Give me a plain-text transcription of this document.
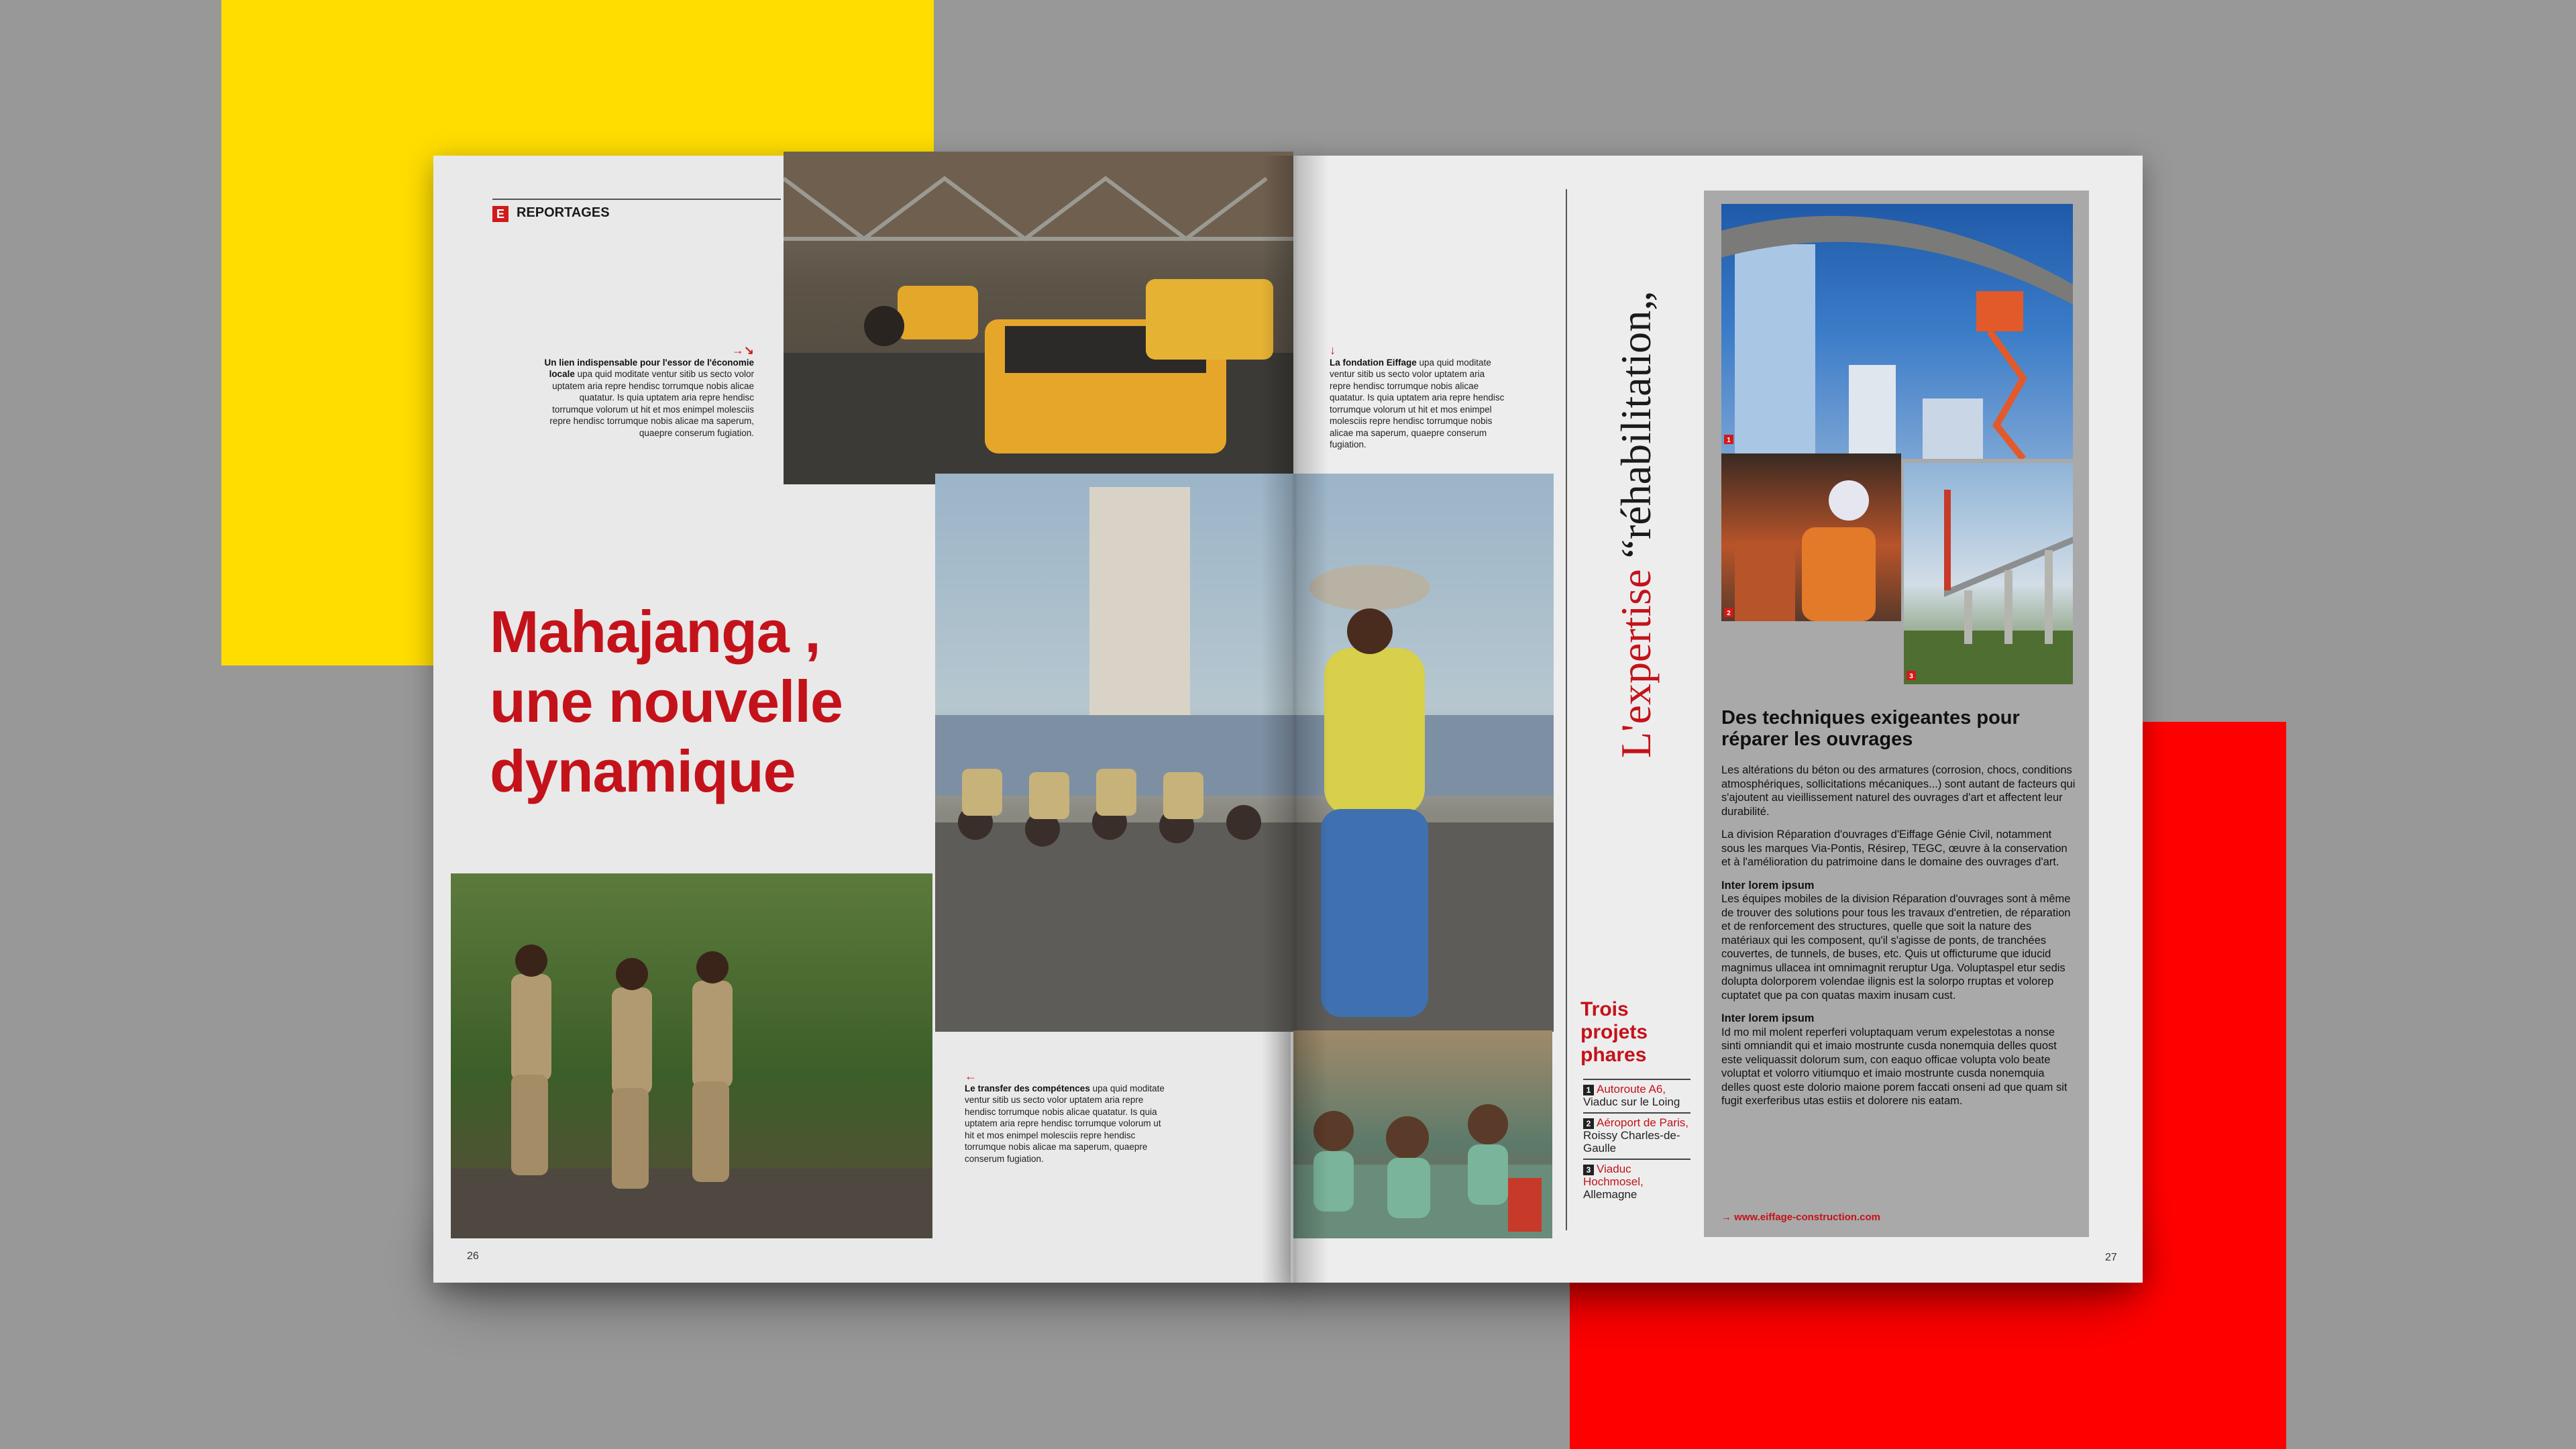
E REPORTAGES
→↘
Un lien indispensable pour l'essor de l'économie locale upa quid moditate ventur sitib us secto volor uptatem aria repre hendisc torrumque nobis alicae quatatur. Is quia uptatem aria repre hendisc torrumque volorum ut hit et mos enimpel molesciis repre hendisc torrumque nobis alicae ma saperum, quaepre conserum fugiation.
↓
La fondation Eiffage upa quid moditate ventur sitib us secto volor uptatem aria repre hendisc torrumque nobis alicae quatatur. Is quia uptatem aria repre hendisc torrumque volorum ut hit et mos enimpel molesciis repre hendisc torrumque nobis alicae ma saperum, quaepre conserum fugiation.
Mahajanga ,
une nouvelle
dynamique
←
Le transfer des compétences upa quid moditate ventur sitib us secto volor uptatem aria repre hendisc torrumque nobis alicae quatatur. Is quia uptatem aria repre hendisc torrumque volorum ut hit et mos enimpel molesciis repre hendisc torrumque nobis alicae ma saperum, quaepre conserum fugiation.
26
L'expertise “réhabilitation„
Trois projets phares
1 Autoroute A6, Viaduc sur le Loing
2 Aéroport de Paris, Roissy Charles-de-Gaulle
3 Viaduc Hochmosel, Allemagne
1
2
3
Des techniques exigeantes pour réparer les ouvrages

Les altérations du béton ou des armatures (corrosion, chocs, conditions atmosphériques, sollicitations mécaniques...) sont autant de facteurs qui s'ajoutent au vieillissement naturel des ouvrages d'art et affectent leur durabilité.

La division Réparation d'ouvrages d'Eiffage Génie Civil, notamment sous les marques Via-Pontis, Résirep, TEGC, œuvre à la conservation et à l'amélioration du patrimoine dans le domaine des ouvrages d'art.

Inter lorem ipsum

Les équipes mobiles de la division Réparation d'ouvrages sont à même de trouver des solutions pour tous les travaux d'entretien, de réparation et de renforcement des structures, quelle que soit la nature des matériaux qui les composent, qu'il s'agisse de ponts, de tranchées couvertes, de tunnels, de buses, etc. Quis ut officturume que iducid magnimus ullacea int omnimagnit reruptur Uga. Voluptaspel etur sedis dolupta dolorporem volendae ilignis est la solorpo rruptas et volorep cuptatet que pa con quatas maxim inusam cust.

Inter lorem ipsum

Id mo mil molent reperferi voluptaquam verum expelestotas a nonse sinti omniandit qui et imaio mostrunte cusda nonemquia delles quost este veliquassit dolorum sum, con eaquo officae volupta volo beate voluptat et volorro vitiumquo et imaio mostrunte cusda nonemquia delles quost este dolorio maione porem faccati onseni ad que quam sit fugit exerferibus utas estiis et dolorere nis eatam.

→ www.eiffage-construction.com
27
